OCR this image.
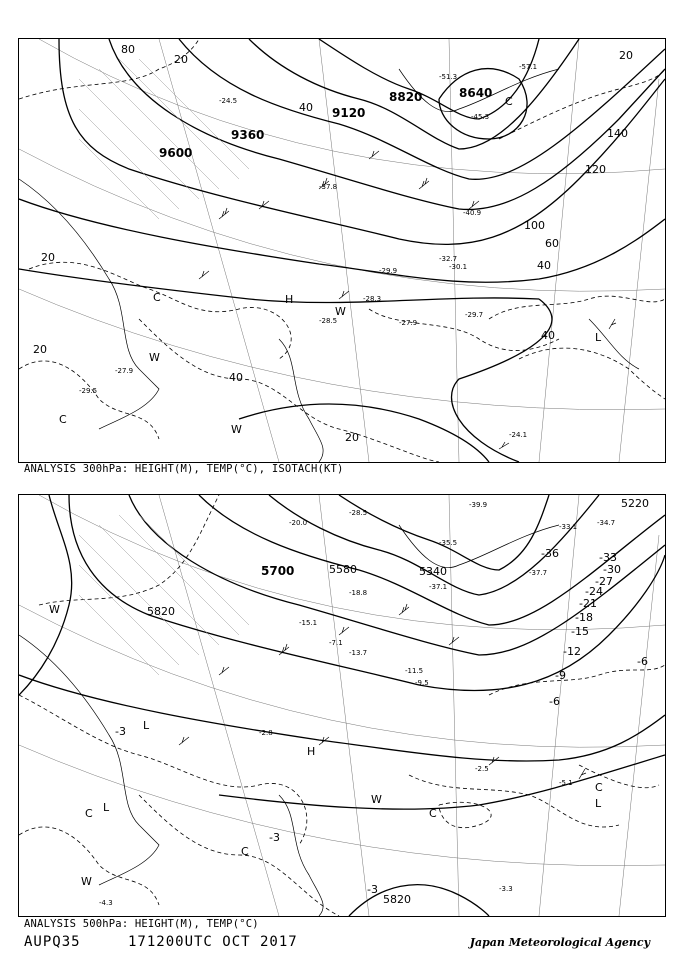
9600
9120
8820	8640
9360
20
40
60
100
120
140
80
40
20
40
20
40
20
20
H
C
C
L
W
W
W
C
-29.5
-27.9
-29.7
-24.1
-32.7
-28.3
-40.9
-45.3
-51.3
-57.1
-37.8
-30.1
-29.9
-28.5	-27.9
-24.5
ANALYSIS 300hPa: HEIGHT(M), TEMP(°C), ISOTACH(KT)
5700	5580	5340
5820
5220
5820
-3
-36	-33
-30
-27
-24
-21
-18
-15
-12
-9
-6
-3
-6
-3
L
L
H
C
C
C
C
L
W
W
W
-2.5
-5.1
-3.3
-4.3
-2.8
-7.1
-9.5
-11.5
-13.7
-15.1
-18.8
-28.5
-35.5
-37.1
-39.9
-33.1	-34.7
-37.7
-20.0
ANALYSIS 500hPa: HEIGHT(M), TEMP(°C)
AUPQ35	171200UTC OCT 2017	Japan Meteorological Agency
